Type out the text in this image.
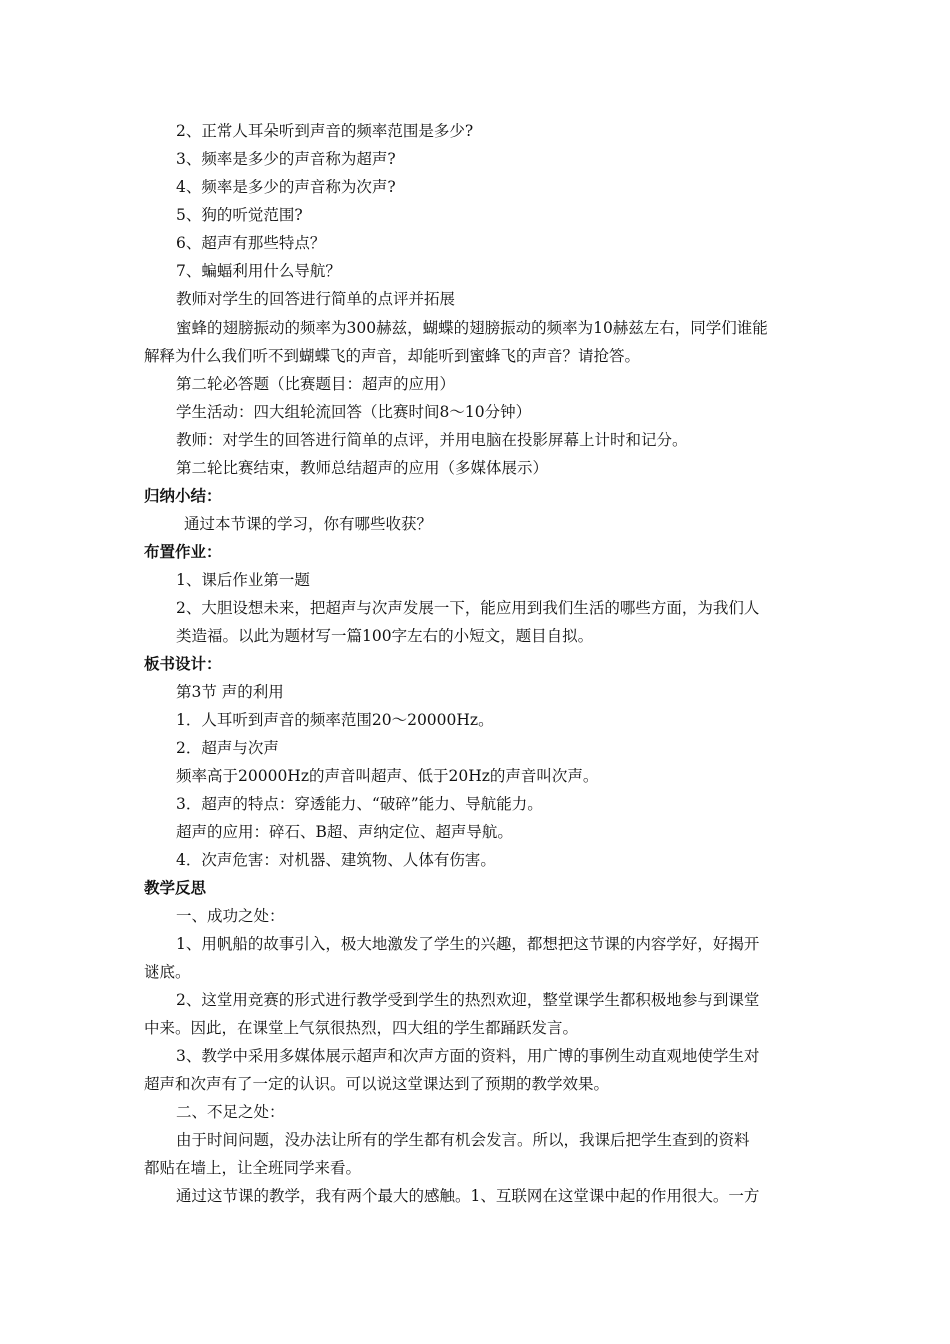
2、正常人耳朵听到声音的频率范围是多少?
3、频率是多少的声音称为超声?
4、频率是多少的声音称为次声?
5、狗的听觉范围?
6、超声有那些特点？
7、蝙蝠利用什么导航？
教师对学生的回答进行简单的点评并拓展
蜜蜂的翅膀振动的频率为300赫兹，蝴蝶的翅膀振动的频率为10赫兹左右，同学们谁能
解释为什么我们听不到蝴蝶飞的声音，却能听到蜜蜂飞的声音？请抢答。
第二轮必答题（比赛题目：超声的应用）
学生活动：四大组轮流回答（比赛时间8～10分钟）
教师：对学生的回答进行简单的点评，并用电脑在投影屏幕上计时和记分。
第二轮比赛结束，教师总结超声的应用（多媒体展示）
归纳小结：
通过本节课的学习，你有哪些收获？
布置作业：
1、课后作业第一题
2、大胆设想未来，把超声与次声发展一下，能应用到我们生活的哪些方面，为我们人
类造福。以此为题材写一篇100字左右的小短文，题目自拟。
板书设计：
第3节 声的利用
1．人耳听到声音的频率范围20～20000Hz。
2．超声与次声
频率高于20000Hz的声音叫超声、低于20Hz的声音叫次声。
3．超声的特点：穿透能力、“破碎”能力、导航能力。
超声的应用：碎石、B超、声纳定位、超声导航。
4．次声危害：对机器、建筑物、人体有伤害。
教学反思
一、成功之处：
1、用帆船的故事引入，极大地激发了学生的兴趣，都想把这节课的内容学好，好揭开
谜底。
2、这堂用竞赛的形式进行教学受到学生的热烈欢迎，整堂课学生都积极地参与到课堂
中来。因此，在课堂上气氛很热烈，四大组的学生都踊跃发言。
3、教学中采用多媒体展示超声和次声方面的资料，用广博的事例生动直观地使学生对
超声和次声有了一定的认识。可以说这堂课达到了预期的教学效果。
二、不足之处：
由于时间问题，没办法让所有的学生都有机会发言。所以，我课后把学生查到的资料
都贴在墙上，让全班同学来看。
通过这节课的教学，我有两个最大的感触。1、互联网在这堂课中起的作用很大。一方
